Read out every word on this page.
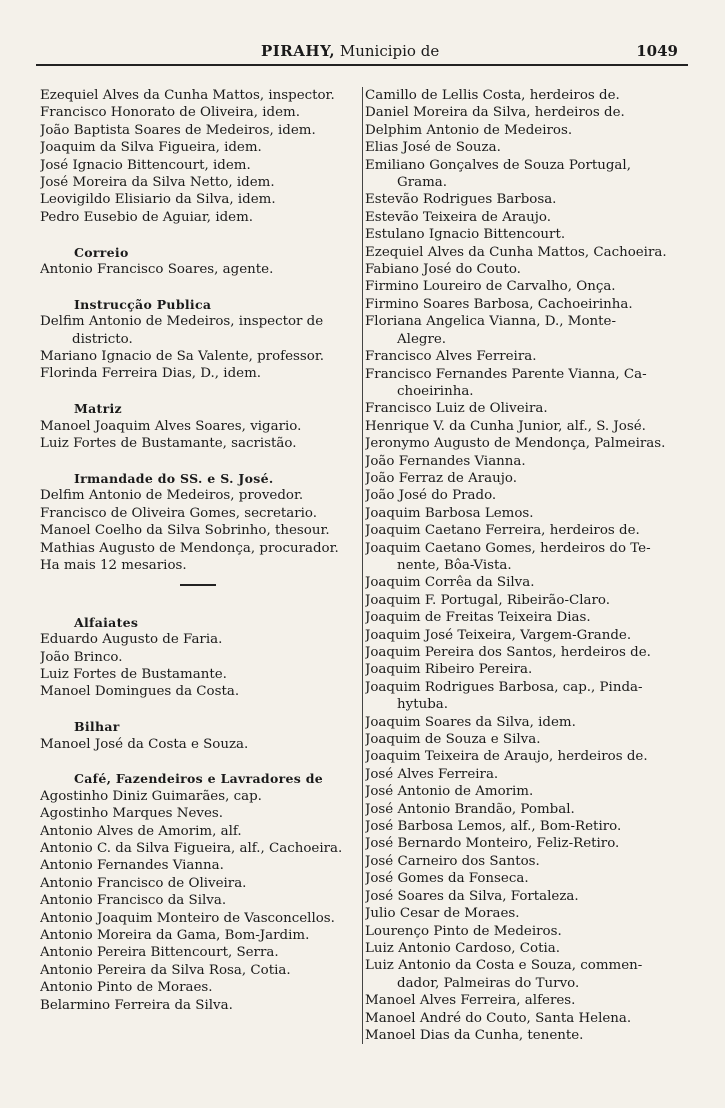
PIRAHY, Municipio de	1049
Ezequiel Alves da Cunha Mattos, inspector.
Francisco Honorato de Oliveira, idem.
João Baptista Soares de Medeiros, idem.
Joaquim da Silva Figueira, idem.
José Ignacio Bittencourt, idem.
José Moreira da Silva Netto, idem.
Leovigildo Elisiario da Silva, idem.
Pedro Eusebio de Aguiar, idem.
Correio
Antonio Francisco Soares, agente.
Instrucção Publica
Delfim Antonio de Medeiros, inspector de
districto.
Mariano Ignacio de Sa Valente, professor.
Florinda Ferreira Dias, D., idem.
Matriz
Manoel Joaquim Alves Soares, vigario.
Luiz Fortes de Bustamante, sacristão.
Irmandade do SS. e S. José.
Delfim Antonio de Medeiros, provedor.
Francisco de Oliveira Gomes, secretario.
Manoel Coelho da Silva Sobrinho, thesour.
Mathias Augusto de Mendonça, procurador.
Ha mais 12 mesarios.
Alfaiates
Eduardo Augusto de Faria.
João Brinco.
Luiz Fortes de Bustamante.
Manoel Domingues da Costa.
Bilhar
Manoel José da Costa e Souza.
Café, Fazendeiros e Lavradores de
Agostinho Diniz Guimarães, cap.
Agostinho Marques Neves.
Antonio Alves de Amorim, alf.
Antonio C. da Silva Figueira, alf., Cachoeira.
Antonio Fernandes Vianna.
Antonio Francisco de Oliveira.
Antonio Francisco da Silva.
Antonio Joaquim Monteiro de Vasconcellos.
Antonio Moreira da Gama, Bom-Jardim.
Antonio Pereira Bittencourt, Serra.
Antonio Pereira da Silva Rosa, Cotia.
Antonio Pinto de Moraes.
Belarmino Ferreira da Silva.
Camillo de Lellis Costa, herdeiros de.
Daniel Moreira da Silva, herdeiros de.
Delphim Antonio de Medeiros.
Elias José de Souza.
Emiliano Gonçalves de Souza Portugal,
Grama.
Estevão Rodrigues Barbosa.
Estevão Teixeira de Araujo.
Estulano Ignacio Bittencourt.
Ezequiel Alves da Cunha Mattos, Cachoeira.
Fabiano José do Couto.
Firmino Loureiro de Carvalho, Onça.
Firmino Soares Barbosa, Cachoeirinha.
Floriana Angelica Vianna, D., Monte-
Alegre.
Francisco Alves Ferreira.
Francisco Fernandes Parente Vianna, Ca-
choeirinha.
Francisco Luiz de Oliveira.
Henrique V. da Cunha Junior, alf., S. José.
Jeronymo Augusto de Mendonça, Palmeiras.
João Fernandes Vianna.
João Ferraz de Araujo.
João José do Prado.
Joaquim Barbosa Lemos.
Joaquim Caetano Ferreira, herdeiros de.
Joaquim Caetano Gomes, herdeiros do Te-
nente, Bôa-Vista.
Joaquim Corrêa da Silva.
Joaquim F. Portugal, Ribeirão-Claro.
Joaquim de Freitas Teixeira Dias.
Joaquim José Teixeira, Vargem-Grande.
Joaquim Pereira dos Santos, herdeiros de.
Joaquim Ribeiro Pereira.
Joaquim Rodrigues Barbosa, cap., Pinda-
hytuba.
Joaquim Soares da Silva, idem.
Joaquim de Souza e Silva.
Joaquim Teixeira de Araujo, herdeiros de.
José Alves Ferreira.
José Antonio de Amorim.
José Antonio Brandão, Pombal.
José Barbosa Lemos, alf., Bom-Retiro.
José Bernardo Monteiro, Feliz-Retiro.
José Carneiro dos Santos.
José Gomes da Fonseca.
José Soares da Silva, Fortaleza.
Julio Cesar de Moraes.
Lourenço Pinto de Medeiros.
Luiz Antonio Cardoso, Cotia.
Luiz Antonio da Costa e Souza, commen-
dador, Palmeiras do Turvo.
Manoel Alves Ferreira, alferes.
Manoel André do Couto, Santa Helena.
Manoel Dias da Cunha, tenente.
